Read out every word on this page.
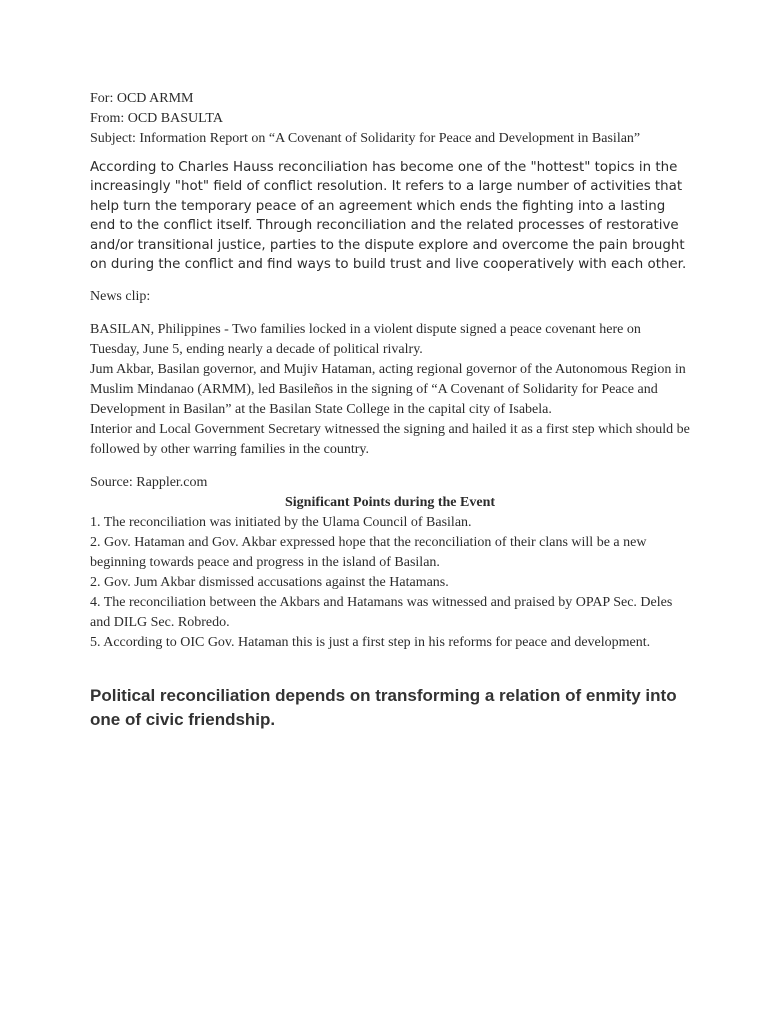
For: OCD ARMM

From: OCD BASULTA

Subject: Information Report on “A Covenant of Solidarity for Peace and Development in Basilan”

According to Charles Hauss reconciliation has become one of the "hottest" topics in the increasingly "hot" field of conflict resolution. It refers to a large number of activities that help turn the temporary peace of an agreement which ends the fighting into a lasting end to the conflict itself. Through reconciliation and the related processes of restorative and/or transitional justice, parties to the dispute explore and overcome the pain brought on during the conflict and find ways to build trust and live cooperatively with each other.

News clip:

BASILAN, Philippines - Two families locked in a violent dispute signed a peace covenant here on Tuesday, June 5, ending nearly a decade of political rivalry.
Jum Akbar, Basilan governor, and Mujiv Hataman, acting regional governor of the Autonomous Region in Muslim Mindanao (ARMM), led Basileños in the signing of “A Covenant of Solidarity for Peace and Development in Basilan” at the Basilan State College in the capital city of Isabela.
Interior and Local Government Secretary witnessed the signing and hailed it as a first step which should be followed by other warring families in the country.

Source: Rappler.com

Significant Points during the Event

1. The reconciliation was initiated by the Ulama Council of Basilan.

2. Gov. Hataman and Gov. Akbar expressed hope that the reconciliation of their clans will be a new beginning towards peace and progress in the island of Basilan.

2. Gov. Jum Akbar dismissed accusations against the Hatamans.

4. The reconciliation between the Akbars and Hatamans was witnessed and praised by OPAP Sec. Deles and DILG Sec. Robredo.

5. According to OIC Gov. Hataman this is just a first step in his reforms for peace and development.

Political reconciliation depends on transforming a relation of enmity into one of civic friendship.
